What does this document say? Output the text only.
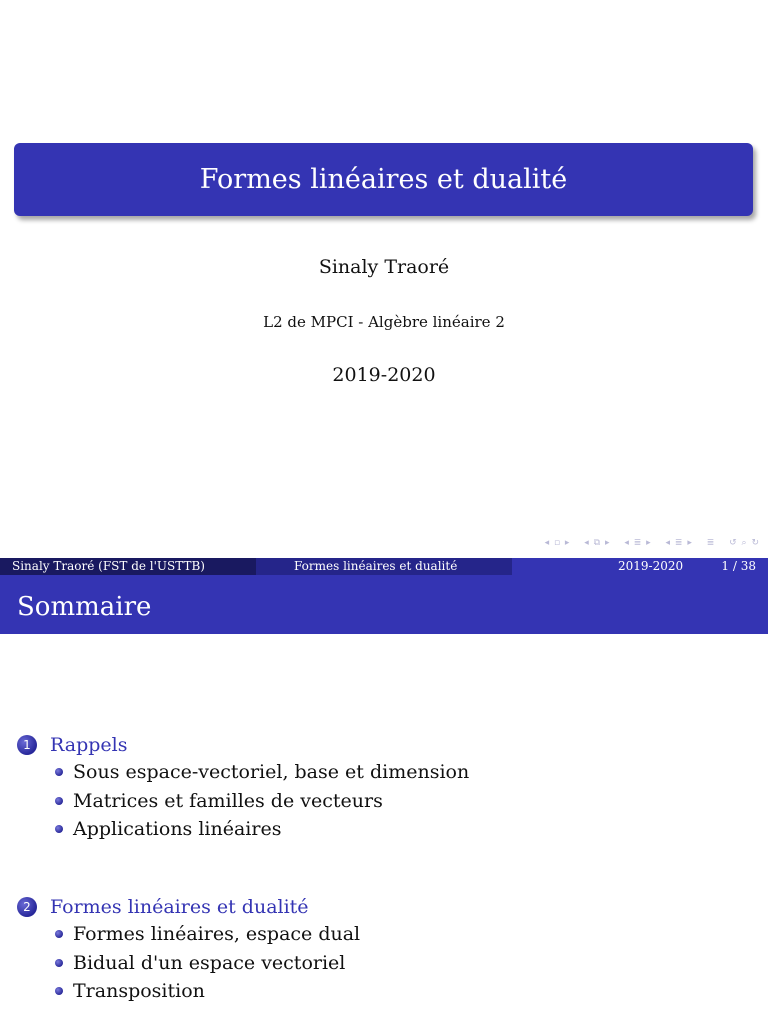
Formes linéaires et dualité
Sinaly Traoré
L2 de MPCI - Algèbre linéaire 2
2019-2020
◂ ▫ ▸ ◂ ⧉ ▸ ◂ ≣ ▸ ◂ ≣ ▸ ≣ ↺ ⌕ ↻
Sinaly Traoré (FST de l'USTTB)	Formes linéaires et dualité	2019-2020	1 / 38
Sommaire
1	Rappels
Sous espace-vectoriel, base et dimension
Matrices et familles de vecteurs
Applications linéaires
2	Formes linéaires et dualité
Formes linéaires, espace dual
Bidual d'un espace vectoriel
Transposition
